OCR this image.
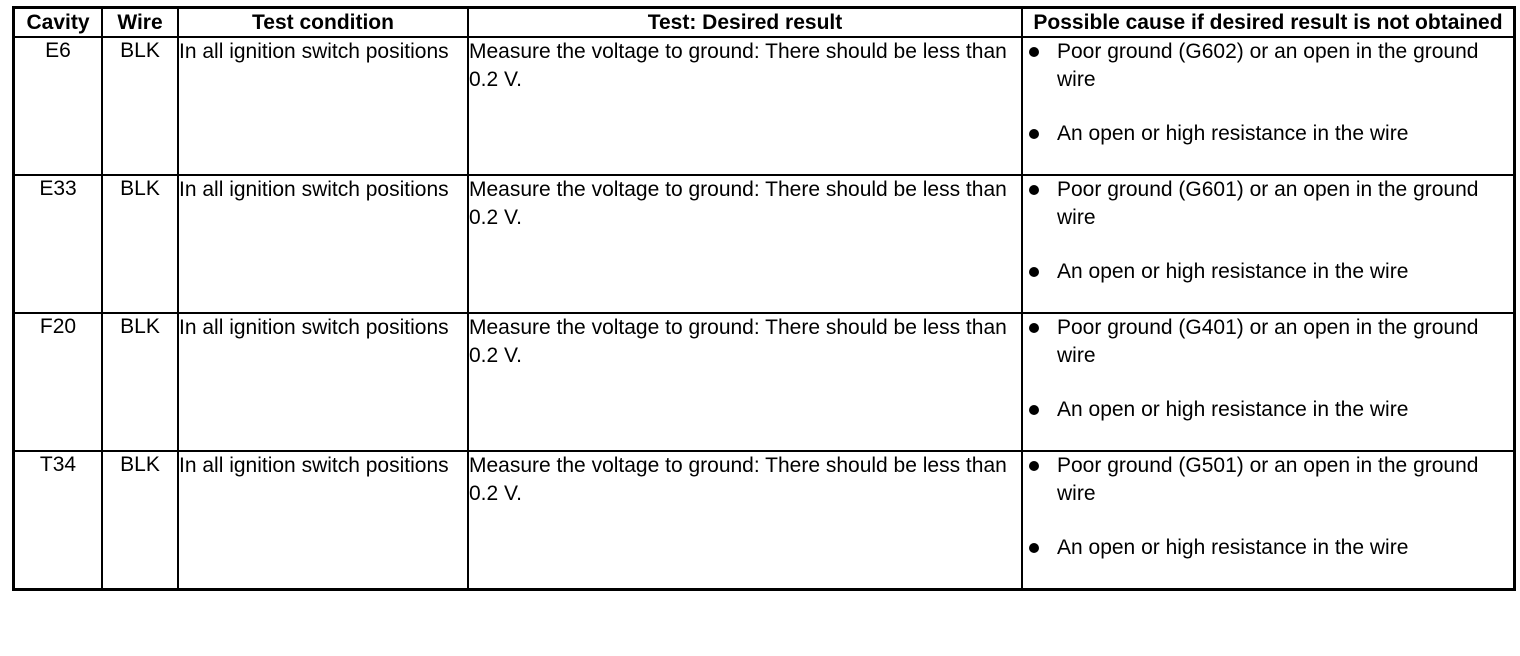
Cavity	Wire	Test condition	Test: Desired result	Possible cause if desired result is not obtained
E6	BLK	In all ignition switch positions	Measure the voltage to ground: There should be less than 0.2 V.	
Poor ground (G602) or an open in the ground wire
An open or high resistance in the wire

E33	BLK	In all ignition switch positions	Measure the voltage to ground: There should be less than 0.2 V.	
Poor ground (G601) or an open in the ground wire
An open or high resistance in the wire

F20	BLK	In all ignition switch positions	Measure the voltage to ground: There should be less than 0.2 V.	
Poor ground (G401) or an open in the ground wire
An open or high resistance in the wire

T34	BLK	In all ignition switch positions	Measure the voltage to ground: There should be less than 0.2 V.	
Poor ground (G501) or an open in the ground wire
An open or high resistance in the wire
